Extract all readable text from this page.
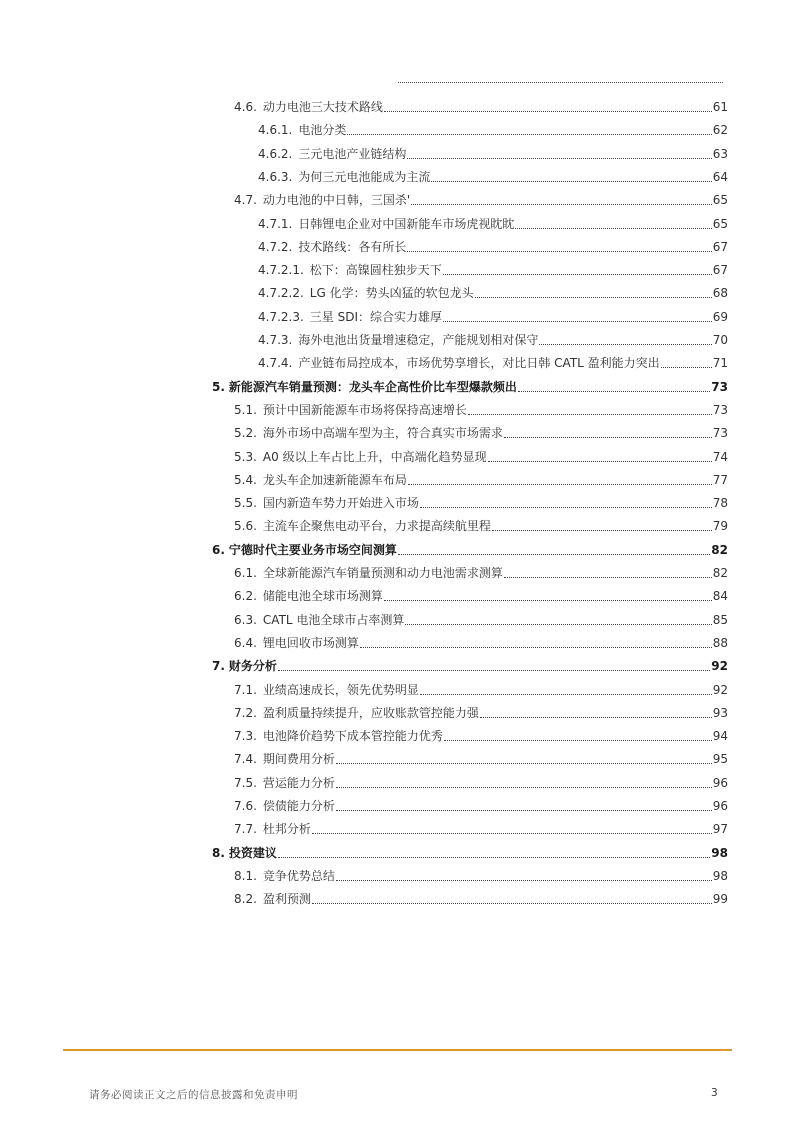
4.6. 动力电池三大技术路线	61
4.6.1. 电池分类	62
4.6.2. 三元电池产业链结构	63
4.6.3. 为何三元电池能成为主流	64
4.7. 动力电池的中日韩，三国杀'	65
4.7.1. 日韩锂电企业对中国新能车市场虎视眈眈	65
4.7.2. 技术路线：各有所长	67
4.7.2.1. 松下：高镍圆柱独步天下	67
4.7.2.2. LG 化学：势头凶猛的软包龙头	68
4.7.2.3. 三星 SDI：综合实力雄厚	69
4.7.3. 海外电池出货量增速稳定，产能规划相对保守	70
4.7.4. 产业链布局控成本，市场优势享增长，对比日韩 CATL 盈利能力突出	71
5. 新能源汽车销量预测：龙头车企高性价比车型爆款频出	73
5.1. 预计中国新能源车市场将保持高速增长	73
5.2. 海外市场中高端车型为主，符合真实市场需求	73
5.3. A0 级以上车占比上升，中高端化趋势显现	74
5.4. 龙头车企加速新能源车布局	77
5.5. 国内新造车势力开始进入市场	78
5.6. 主流车企聚焦电动平台，力求提高续航里程	79
6. 宁德时代主要业务市场空间测算	82
6.1. 全球新能源汽车销量预测和动力电池需求测算	82
6.2. 储能电池全球市场测算	84
6.3. CATL 电池全球市占率测算	85
6.4. 锂电回收市场测算	88
7. 财务分析	92
7.1. 业绩高速成长，领先优势明显	92
7.2. 盈利质量持续提升，应收账款管控能力强	93
7.3. 电池降价趋势下成本管控能力优秀	94
7.4. 期间费用分析	95
7.5. 营运能力分析	96
7.6. 偿债能力分析	96
7.7. 杜邦分析	97
8. 投资建议	98
8.1. 竞争优势总结	98
8.2. 盈利预测	99
请务必阅读正文之后的信息披露和免责申明	3
